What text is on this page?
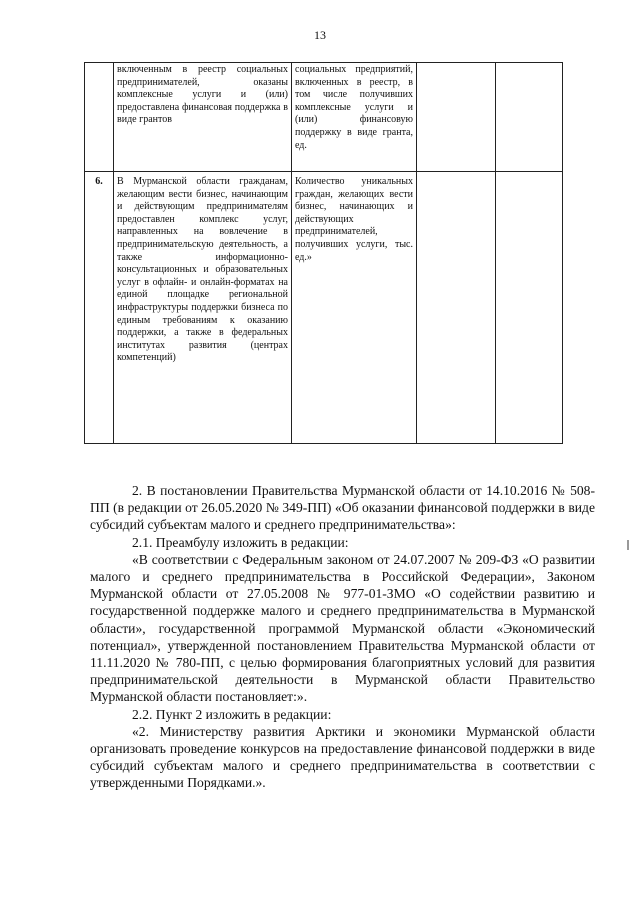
13
	включенным в реестр социальных предпринимателей, оказаны комплексные услуги и (или) предоставлена финансовая поддержка в виде грантов	социальных предприятий, включенных в реестр, в том числе получивших комплексные услуги и (или) финансовую поддержку в виде гранта, ед.		
6.	В Мурманской области гражданам, желающим вести бизнес, начинающим и действующим предпринимателям предоставлен комплекс услуг, направленных на вовлечение в предпринимательскую деятельность, а также информационно-консультационных и образовательных услуг в офлайн- и онлайн-форматах на единой площадке региональной инфраструктуры поддержки бизнеса по единым требованиям к оказанию поддержки, а также в федеральных институтах развития (центрах компетенций)	Количество уникальных граждан, желающих вести бизнес, начинающих и действующих предпринимателей, получивших услуги, тыс. ед.»		

2. В постановлении Правительства Мурманской области от 14.10.2016 № 508-ПП (в редакции от 26.05.2020 № 349-ПП) «Об оказании финансовой поддержки в виде субсидий субъектам малого и среднего предпринимательства»:

2.1. Преамбулу изложить в редакции:

«В соответствии с Федеральным законом от 24.07.2007 № 209-ФЗ «О развитии малого и среднего предпринимательства в Российской Федерации», Законом Мурманской области от 27.05.2008 № 977-01-ЗМО «О содействии развитию и государственной поддержке малого и среднего предпринимательства в Мурманской области», государственной программой Мурманской области «Экономический потенциал», утвержденной постановлением Правительства Мурманской области от 11.11.2020 № 780-ПП, с целью формирования благоприятных условий для развития предпринимательской деятельности в Мурманской области Правительство Мурманской области постановляет:».

2.2. Пункт 2 изложить в редакции:

«2. Министерству развития Арктики и экономики Мурманской области организовать проведение конкурсов на предоставление финансовой поддержки в виде субсидий субъектам малого и среднего предпринимательства в соответствии с утвержденными Порядками.».
